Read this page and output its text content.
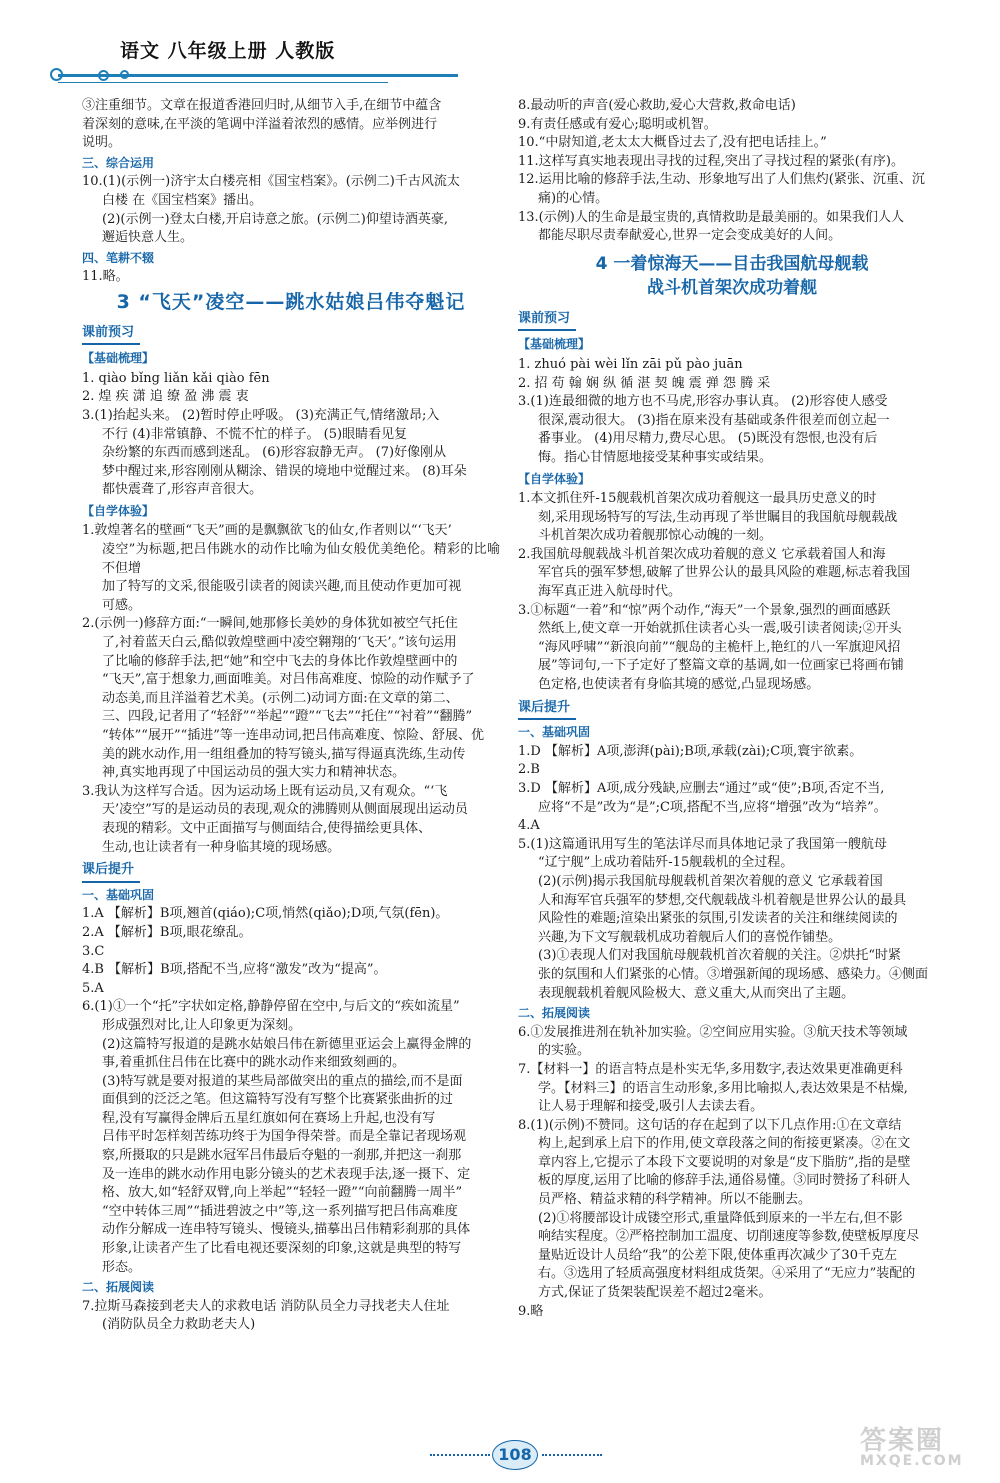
语文 八年级上册 人教版

③注重细节。文章在报道香港回归时,从细节入手,在细节中蕴含

着深刻的意味,在平淡的笔调中洋溢着浓烈的感情。应举例进行

说明。

三、综合运用

10.(1)(示例一)济宇太白楼亮相《国宝档案》。(示例二)千古风流太

白楼 在《国宝档案》播出。

(2)(示例一)登太白楼,开启诗意之旅。(示例二)仰望诗酒英豪,

邂逅快意人生。

四、笔耕不辍

11.略。

3 “飞天”凌空——跳水姑娘吕伟夺魁记
课前预习
【基础梳理】

1. qiào bǐng liǎn kǎi qiào fēn

2. 煌 疾 潇 追 缭 盈 沸 震 衷

3.(1)抬起头来。 (2)暂时停止呼吸。 (3)充满正气,情绪激昂;入

不行 (4)非常镇静、不慌不忙的样子。 (5)眼睛看见复

杂纷繁的东西而感到迷乱。 (6)形容寂静无声。 (7)好像刚从

梦中醒过来,形容刚刚从糊涂、错误的境地中觉醒过来。 (8)耳朵

都快震聋了,形容声音很大。

【自学体验】

1.敦煌著名的壁画“飞天”画的是飘飘欲飞的仙女,作者则以“‘飞天’

凌空”为标题,把吕伟跳水的动作比喻为仙女般优美绝伦。精彩的比喻不但增

加了特写的文采,很能吸引读者的阅读兴趣,而且使动作更加可视

可感。

2.(示例一)修辞方面:“一瞬间,她那修长美妙的身体犹如被空气托住

了,衬着蓝天白云,酷似敦煌壁画中凌空翱翔的‘飞天’。”该句运用

了比喻的修辞手法,把“她”和空中飞去的身体比作敦煌壁画中的

“飞天”,富于想象力,画面唯美。对吕伟高难度、惊险的动作赋予了

动态美,而且洋溢着艺术美。(示例二)动词方面:在文章的第二、

三、四段,记者用了“轻舒”“举起”“蹬”“飞去”“托住”“衬着”“翻腾”

“转体”“展开”“插进”等一连串动词,把吕伟高难度、惊险、舒展、优

美的跳水动作,用一组组叠加的特写镜头,描写得逼真洗练,生动传

神,真实地再现了中国运动员的强大实力和精神状态。

3.我认为这样写合适。因为运动场上既有运动员,又有观众。“‘飞

天’凌空”写的是运动员的表现,观众的沸腾则从侧面展现出运动员

表现的精彩。文中正面描写与侧面结合,使得描绘更具体、

生动,也让读者有一种身临其境的现场感。

课后提升
一、基础巩固

1.A 【解析】B项,翘首(qiáo);C项,悄然(qiǎo);D项,气氛(fēn)。

2.A 【解析】B项,眼花缭乱。

3.C

4.B 【解析】B项,搭配不当,应将“激发”改为“提高”。

5.A

6.(1)①一个“托”字状如定格,静静停留在空中,与后文的“疾如流星”

形成强烈对比,让人印象更为深刻。

(2)这篇特写报道的是跳水姑娘吕伟在新德里亚运会上赢得金牌的

事,着重抓住吕伟在比赛中的跳水动作来细致刻画的。

(3)特写就是要对报道的某些局部做突出的重点的描绘,而不是面

面俱到的泛泛之笔。但这篇特写没有写整个比赛紧张曲折的过

程,没有写赢得金牌后五星红旗如何在赛场上升起,也没有写

吕伟平时怎样刻苦练功终于为国争得荣誉。而是全靠记者现场观

察,所摄取的只是跳水冠军吕伟最后夺魁的一刹那,并把这一刹那

及一连串的跳水动作用电影分镜头的艺术表现手法,逐一摄下、定

格、放大,如“轻舒双臂,向上举起”“轻轻一蹬”“向前翻腾一周半”

“空中转体三周”“插进碧波之中”等,这一系列描写把吕伟高难度

动作分解成一连串特写镜头、慢镜头,描摹出吕伟精彩刹那的具体

形象,让读者产生了比看电视还要深刻的印象,这就是典型的特写

形态。

二、拓展阅读

7.拉斯马森接到老夫人的求救电话 消防队员全力寻找老夫人住址

(消防队员全力救助老夫人)

8.最动听的声音(爱心救助,爱心大营救,救命电话)

9.有责任感或有爱心;聪明或机智。

10.“中尉知道,老太太大概昏过去了,没有把电话挂上。”

11.这样写真实地表现出寻找的过程,突出了寻找过程的紧张(有序)。

12.运用比喻的修辞手法,生动、形象地写出了人们焦灼(紧张、沉重、沉

痛)的心情。

13.(示例)人的生命是最宝贵的,真情救助是最美丽的。如果我们人人

都能尽职尽责奉献爱心,世界一定会变成美好的人间。

4 一着惊海天——目击我国航母舰载
战斗机首架次成功着舰
课前预习
【基础梳理】

1. zhuó pài wèi lǐn zāi pǔ pào juān

2. 招 苟 翰 娴 纵 循 湛 契 魄 震 弹 怨 腾 采

3.(1)连最细微的地方也不马虎,形容办事认真。 (2)形容使人感受

很深,震动很大。 (3)指在原来没有基础或条件很差而创立起一

番事业。 (4)用尽精力,费尽心思。 (5)既没有怨恨,也没有后

悔。指心甘情愿地接受某种事实或结果。

【自学体验】

1.本文抓住歼-15舰载机首架次成功着舰这一最具历史意义的时

刻,采用现场特写的写法,生动再现了举世瞩目的我国航母舰载战

斗机首架次成功着舰那惊心动魄的一刻。

2.我国航母舰载战斗机首架次成功着舰的意义 它承载着国人和海

军官兵的强军梦想,破解了世界公认的最具风险的难题,标志着我国

海军真正进入航母时代。

3.①标题“一着”和“惊”两个动作,“海天”一个景象,强烈的画面感跃

然纸上,使文章一开始就抓住读者心头一震,吸引读者阅读;②开头

“海风呼啸”“新浪向前”“舰岛的主桅杆上,艳红的八一军旗迎风招

展”等词句,一下子定好了整篇文章的基调,如一位画家已将画布铺

色定格,也使读者有身临其境的感觉,凸显现场感。

课后提升
一、基础巩固

1.D 【解析】A项,澎湃(pài);B项,承载(zài);C项,寰宇欲素。

2.B

3.D 【解析】A项,成分残缺,应删去“通过”或“使”;B项,否定不当,

应将“不是”改为“是”;C项,搭配不当,应将“增强”改为“培养”。

4.A

5.(1)这篇通讯用写生的笔法详尽而具体地记录了我国第一艘航母

“辽宁舰”上成功着陆歼-15舰载机的全过程。

(2)(示例)揭示我国航母舰载机首架次着舰的意义 它承载着国

人和海军官兵强军的梦想,交代舰载战斗机着舰是世界公认的最具

风险性的难题;渲染出紧张的氛围,引发读者的关注和继续阅读的

兴趣,为下文写舰载机成功着舰后人们的喜悦作铺垫。

(3)①表现人们对我国航母舰载机首次着舰的关注。②烘托“时紧

张的氛围和人们紧张的心情。③增强新闻的现场感、感染力。④侧面

表现舰载机着舰风险极大、意义重大,从而突出了主题。

二、拓展阅读

6.①发展推进剂在轨补加实验。②空间应用实验。③航天技术等领域

的实验。

7.【材料一】的语言特点是朴实无华,多用数字,表达效果更准确更科

学。【材料三】的语言生动形象,多用比喻拟人,表达效果是不枯燥,

让人易于理解和接受,吸引人去读去看。

8.(1)(示例)不赞同。这句话的存在起到了以下几点作用:①在文章结

构上,起到承上启下的作用,使文章段落之间的衔接更紧凑。②在文

章内容上,它提示了本段下文要说明的对象是“皮下脂肪”,指的是壁

板的厚度,运用了比喻的修辞手法,通俗易懂。③同时赞扬了科研人

员严格、精益求精的科学精神。所以不能删去。

(2)①将腰部设计成镂空形式,重量降低到原来的一半左右,但不影

响结实程度。②严格控制加工温度、切削速度等参数,使壁板厚度尽

量贴近设计人员给“我”的公差下限,使体重再次减少了30千克左

右。③选用了轻质高强度材料组成货架。④采用了“无应力”装配的

方式,保证了货架装配误差不超过2毫米。

9.略

108	答案圈
MXQE.COM
